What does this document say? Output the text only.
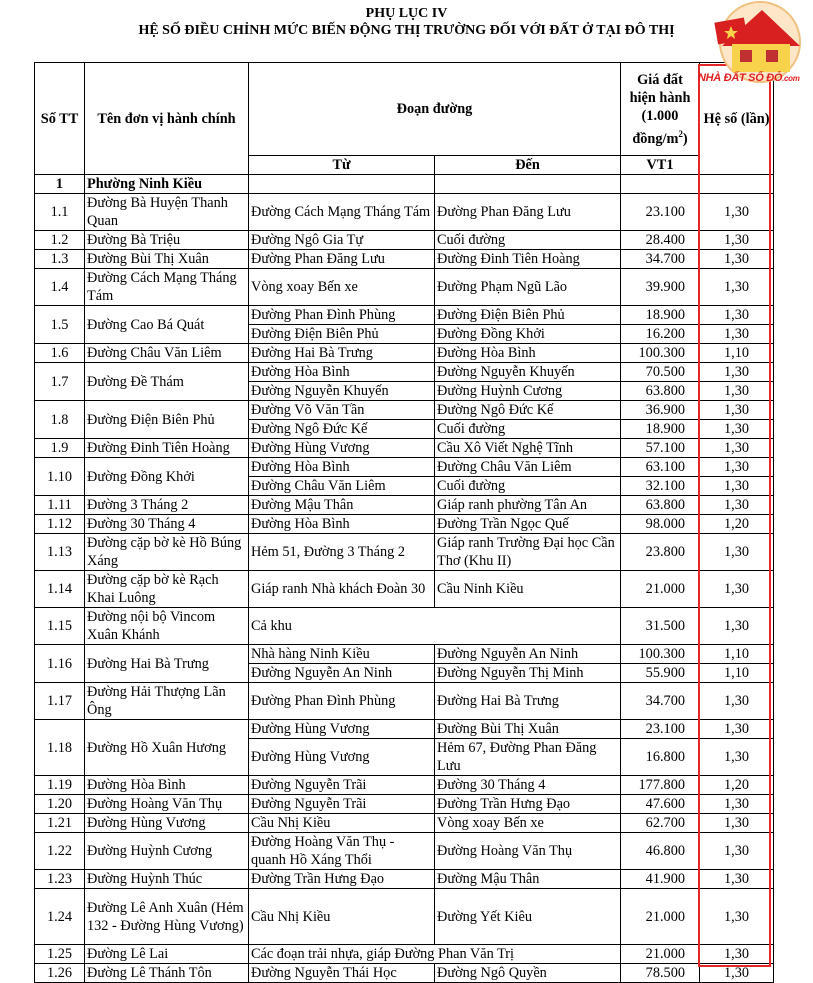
PHỤ LỤC IV
HỆ SỐ ĐIỀU CHỈNH MỨC BIẾN ĐỘNG THỊ TRƯỜNG ĐỐI VỚI ĐẤT Ở TẠI ĐÔ THỊ
Số TT	Tên đơn vị hành chính	Đoạn đường		Giá đất hiện hành (1.000 đồng/$m^2$)	Hệ số (lần)
		Từ	Đến	VT1	
1	Phường Ninh Kiều				
1.1	Đường Bà Huyện Thanh Quan	Đường Cách Mạng Tháng Tám	Đường Phan Đăng Lưu	23.100	1,30
1.2	Đường Bà Triệu	Đường Ngô Gia Tự	Cuối đường	28.400	1,30
1.3	Đường Bùi Thị Xuân	Đường Phan Đăng Lưu	Đường Đinh Tiên Hoàng	34.700	1,30
1.4	Đường Cách Mạng Tháng Tám	Vòng xoay Bến xe	Đường Phạm Ngũ Lão	39.900	1,30
1.5	Đường Cao Bá Quát	Đường Phan Đình Phùng	Đường Điện Biên Phủ	18.900	1,30
		Đường Điện Biên Phủ	Đường Đồng Khởi	16.200	1,30
1.6	Đường Châu Văn Liêm	Đường Hai Bà Trưng	Đường Hòa Bình	100.300	1,10
1.7	Đường Đề Thám	Đường Hòa Bình	Đường Nguyễn Khuyến	70.500	1,30
		Đường Nguyễn Khuyến	Đường Huỳnh Cương	63.800	1,30
1.8	Đường Điện Biên Phủ	Đường Võ Văn Tần	Đường Ngô Đức Kế	36.900	1,30
		Đường Ngô Đức Kế	Cuối đường	18.900	1,30
1.9	Đường Đinh Tiên Hoàng	Đường Hùng Vương	Cầu Xô Viết Nghệ Tĩnh	57.100	1,30
1.10	Đường Đồng Khởi	Đường Hòa Bình	Đường Châu Văn Liêm	63.100	1,30
		Đường Châu Văn Liêm	Cuối đường	32.100	1,30
1.11	Đường 3 Tháng 2	Đường Mậu Thân	Giáp ranh phường Tân An	63.800	1,30
1.12	Đường 30 Tháng 4	Đường Hòa Bình	Đường Trần Ngọc Quế	98.000	1,20
1.13	Đường cặp bờ kè Hồ Búng Xáng	Hẻm 51, Đường 3 Tháng 2	Giáp ranh Trường Đại học Cần Thơ (Khu II)	23.800	1,30
1.14	Đường cặp bờ kè Rạch Khai Luông	Giáp ranh Nhà khách Đoàn 30	Cầu Ninh Kiều	21.000	1,30
1.15	Đường nội bộ Vincom Xuân Khánh	Cả khu		31.500	1,30
1.16	Đường Hai Bà Trưng	Nhà hàng Ninh Kiều	Đường Nguyễn An Ninh	100.300	1,10
		Đường Nguyễn An Ninh	Đường Nguyễn Thị Minh	55.900	1,10
1.17	Đường Hải Thượng Lãn Ông	Đường Phan Đình Phùng	Đường Hai Bà Trưng	34.700	1,30
1.18	Đường Hồ Xuân Hương	Đường Hùng Vương	Đường Bùi Thị Xuân	23.100	1,30
		Đường Hùng Vương	Hẻm 67, Đường Phan Đăng Lưu	16.800	1,30
1.19	Đường Hòa Bình	Đường Nguyễn Trãi	Đường 30 Tháng 4	177.800	1,20
1.20	Đường Hoàng Văn Thụ	Đường Nguyễn Trãi	Đường Trần Hưng Đạo	47.600	1,30
1.21	Đường Hùng Vương	Cầu Nhị Kiều	Vòng xoay Bến xe	62.700	1,30
1.22	Đường Huỳnh Cương	Đường Hoàng Văn Thụ - quanh Hồ Xáng Thổi	Đường Hoàng Văn Thụ	46.800	1,30
1.23	Đường Huỳnh Thúc	Đường Trần Hưng Đạo	Đường Mậu Thân	41.900	1,30
1.24	Đường Lê Anh Xuân (Hẻm 132 - Đường Hùng Vương)	Cầu Nhị Kiều	Đường Yết Kiêu	21.000	1,30
1.25	Đường Lê Lai	Các đoạn trải nhựa, giáp Đường Phan Văn Trị		21.000	1,30
1.26	Đường Lê Thánh Tôn	Đường Nguyễn Thái Học	Đường Ngô Quyền	78.500	1,30
NHÀ ĐẤT SỐ ĐỎ.com
